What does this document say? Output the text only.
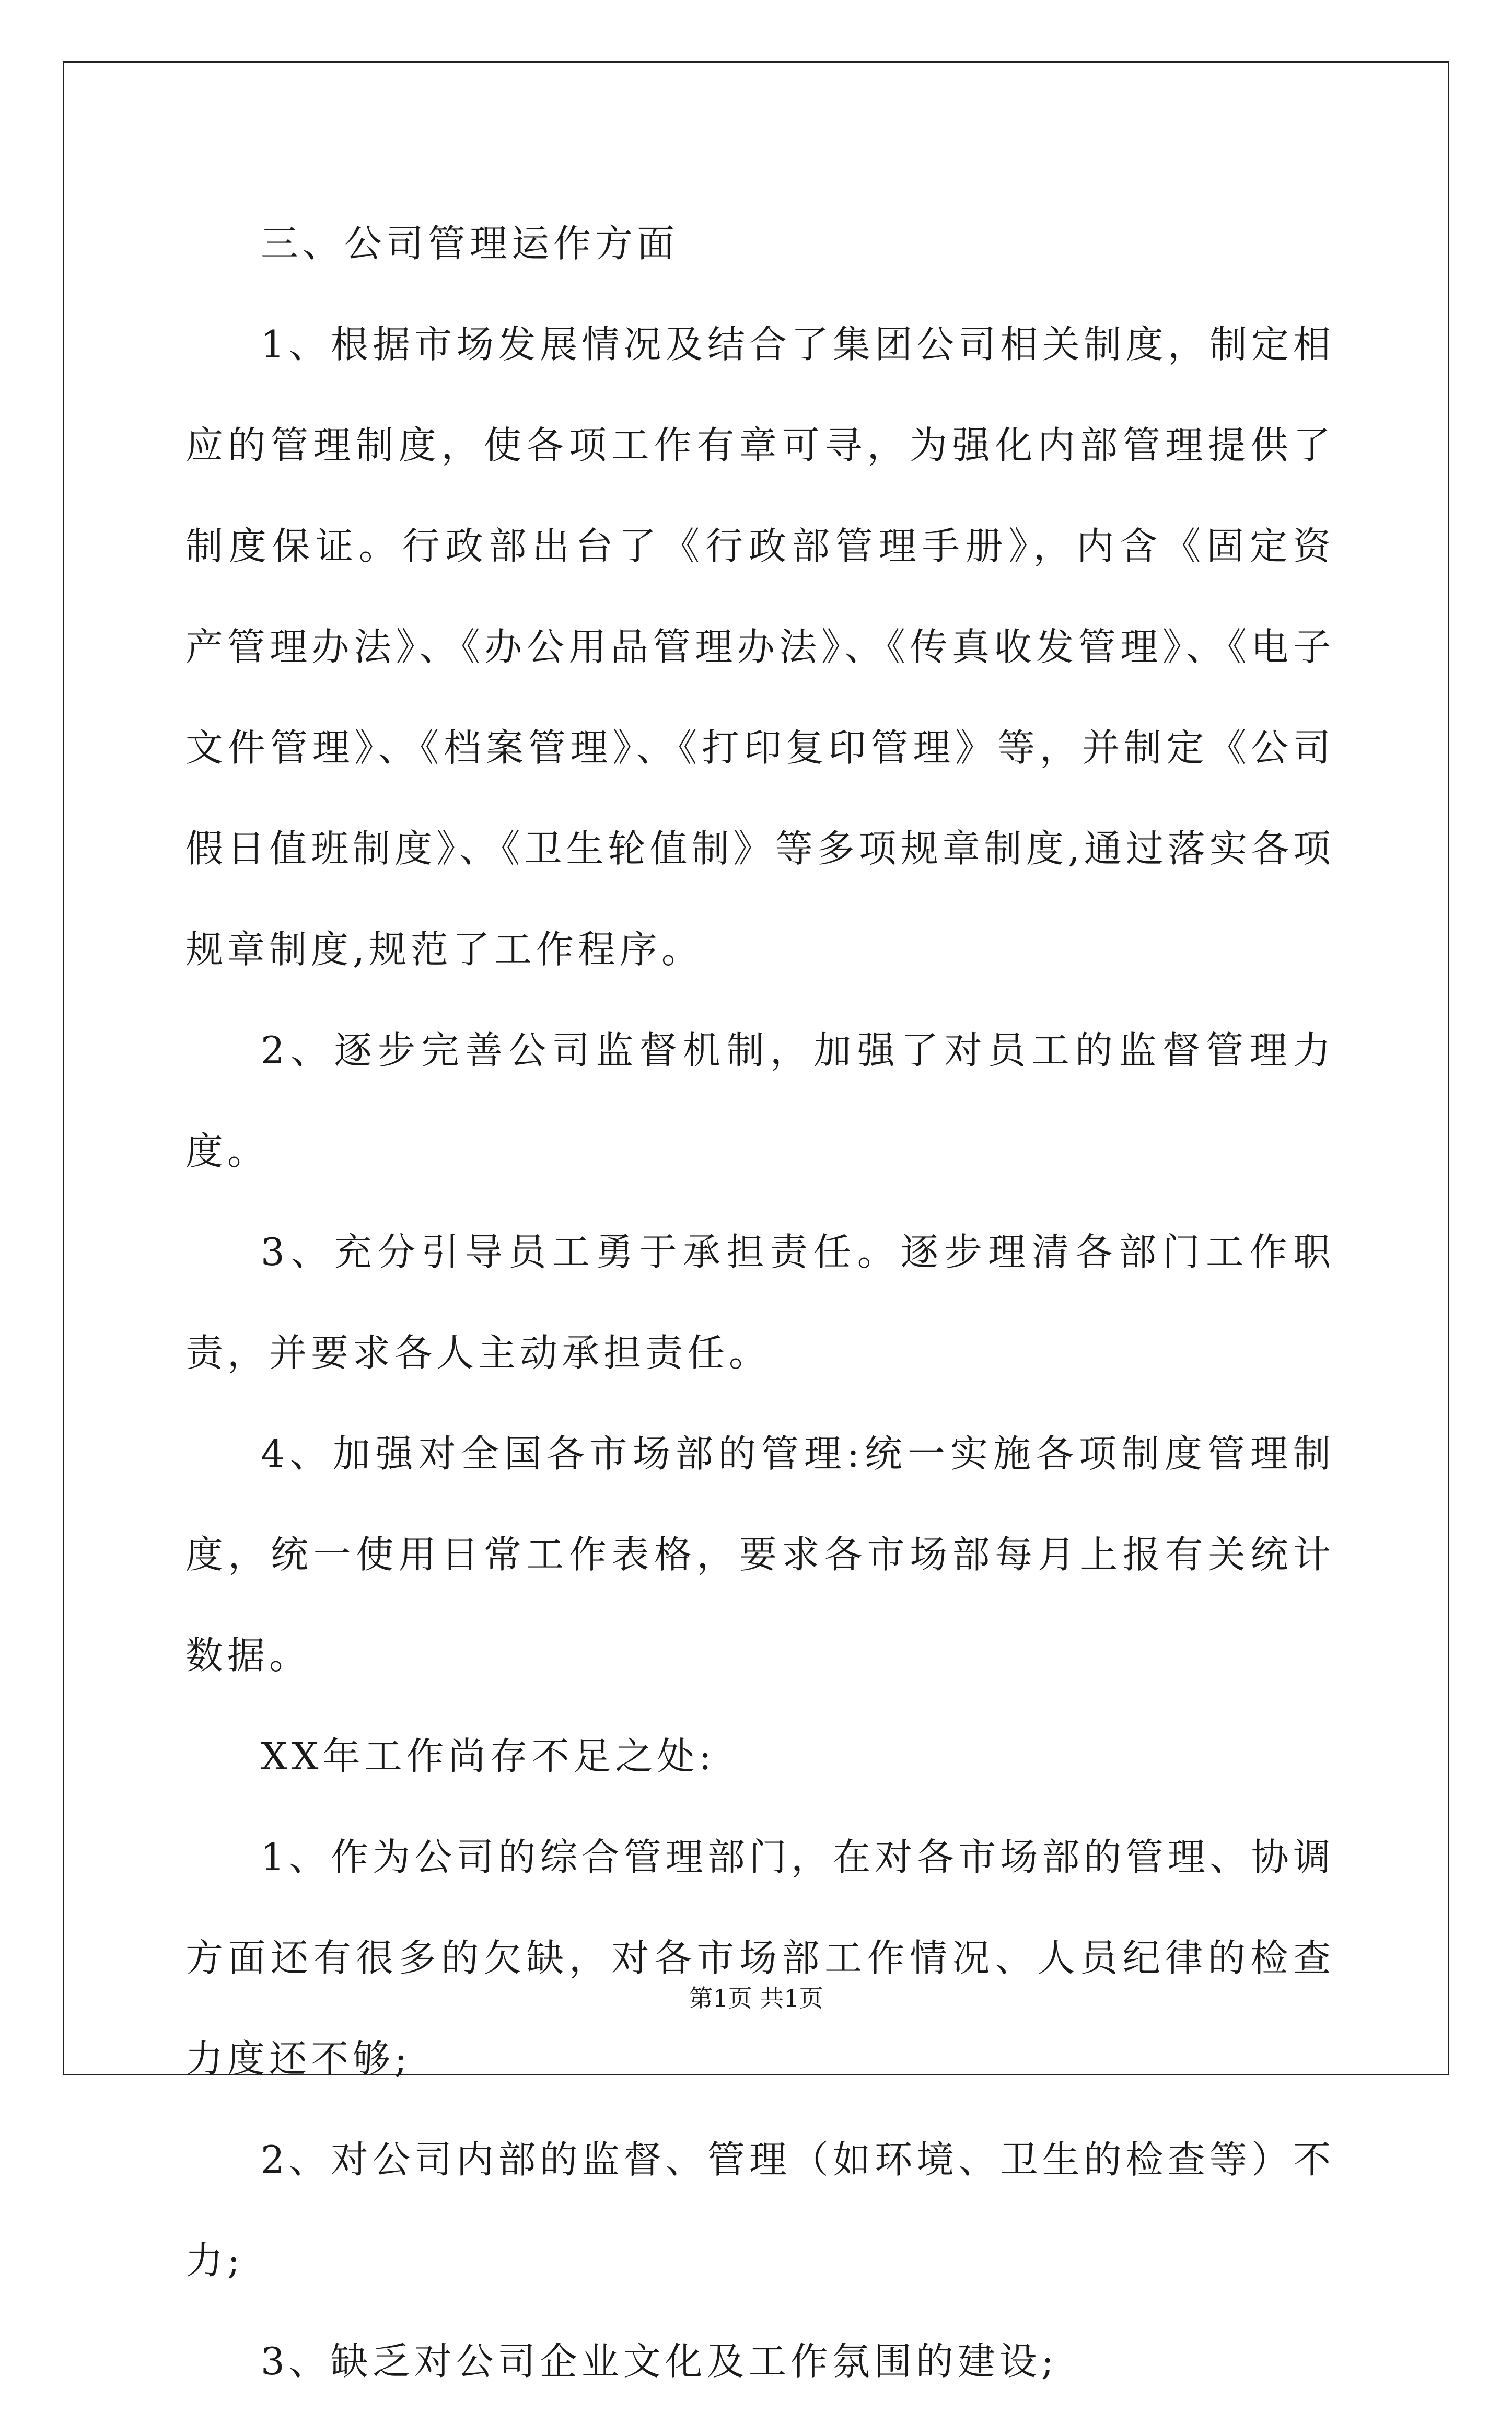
三、公司管理运作方面

1、根据市场发展情况及结合了集团公司相关制度，制定相应的管理制度，使各项工作有章可寻，为强化内部管理提供了制度保证。行政部出台了《行政部管理手册》，内含《固定资产管理办法》、《办公用品管理办法》、《传真收发管理》、《电子文件管理》、《档案管理》、《打印复印管理》等，并制定《公司假日值班制度》、《卫生轮值制》等多项规章制度,通过落实各项规章制度,规范了工作程序。

2、逐步完善公司监督机制，加强了对员工的监督管理力度。

3、充分引导员工勇于承担责任。逐步理清各部门工作职责，并要求各人主动承担责任。

4、加强对全国各市场部的管理:统一实施各项制度管理制度，统一使用日常工作表格，要求各市场部每月上报有关统计数据。

XX年工作尚存不足之处:

1、作为公司的综合管理部门，在对各市场部的管理、协调方面还有很多的欠缺，对各市场部工作情况、人员纪律的检查力度还不够;

2、对公司内部的监督、管理（如环境、卫生的检查等）不力;

3、缺乏对公司企业文化及工作氛围的建设;

第1页 共1页
